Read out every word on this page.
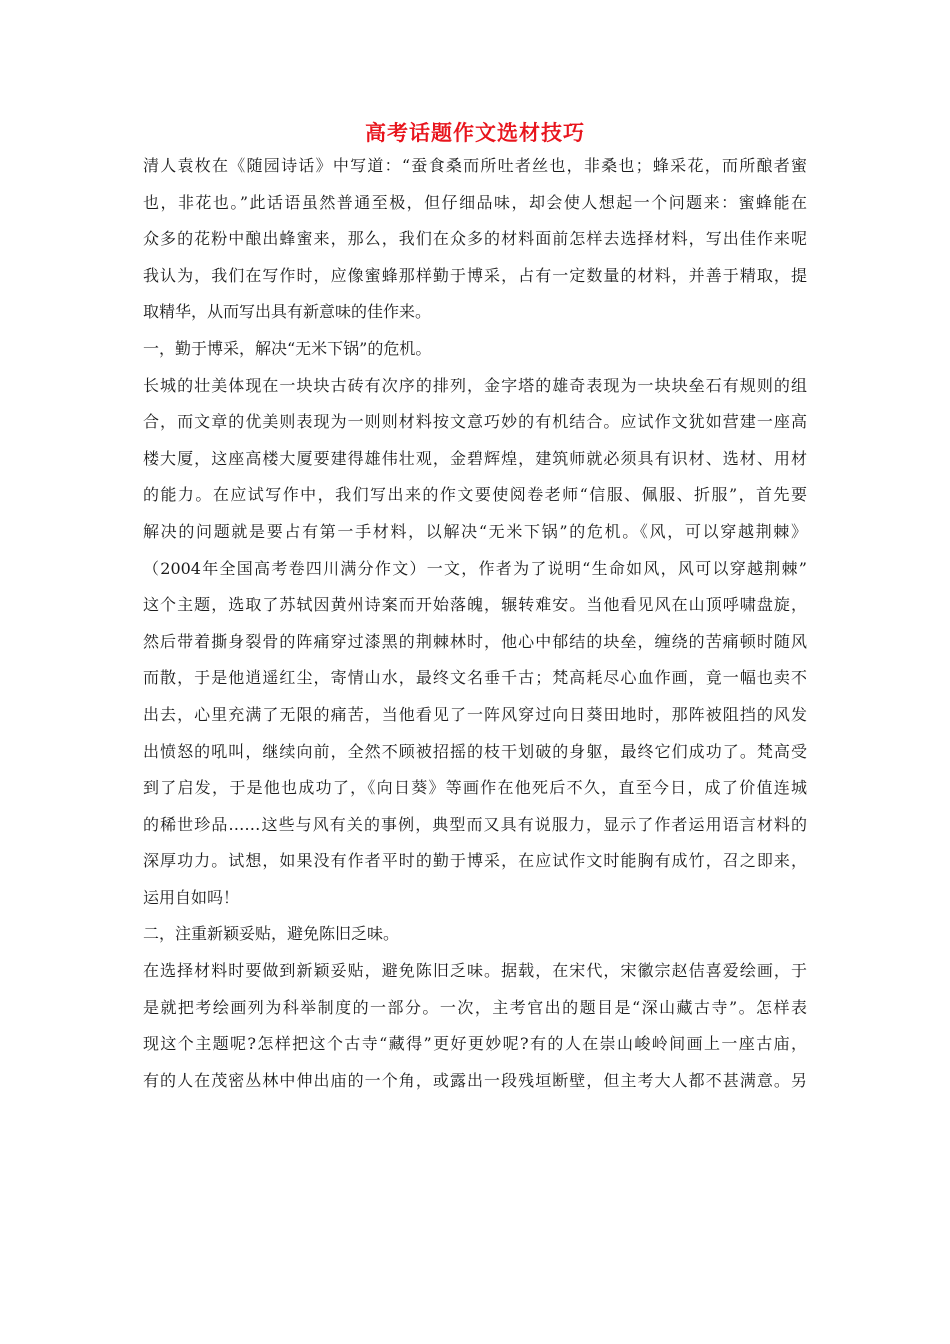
高考话题作文选材技巧
清人袁枚在《随园诗话》中写道：“蚕食桑而所吐者丝也，非桑也；蜂采花，而所酿者蜜
也，非花也。”此话语虽然普通至极，但仔细品味，却会使人想起一个问题来：蜜蜂能在
众多的花粉中酿出蜂蜜来，那么，我们在众多的材料面前怎样去选择材料，写出佳作来呢
我认为，我们在写作时，应像蜜蜂那样勤于博采，占有一定数量的材料，并善于精取，提
取精华，从而写出具有新意味的佳作来。
一，勤于博采，解决“无米下锅”的危机。
长城的壮美体现在一块块古砖有次序的排列，金字塔的雄奇表现为一块块垒石有规则的组
合，而文章的优美则表现为一则则材料按文意巧妙的有机结合。应试作文犹如营建一座高
楼大厦，这座高楼大厦要建得雄伟壮观，金碧辉煌，建筑师就必须具有识材、选材、用材
的能力。在应试写作中，我们写出来的作文要使阅卷老师“信服、佩服、折服”，首先要
解决的问题就是要占有第一手材料，以解决“无米下锅”的危机。《风，可以穿越荆棘》
（2004年全国高考卷四川满分作文）一文，作者为了说明“生命如风，风可以穿越荆棘”
这个主题，选取了苏轼因黄州诗案而开始落魄，辗转难安。当他看见风在山顶呼啸盘旋，
然后带着撕身裂骨的阵痛穿过漆黑的荆棘林时，他心中郁结的块垒，缠绕的苦痛顿时随风
而散，于是他逍遥红尘，寄情山水，最终文名垂千古；梵高耗尽心血作画，竟一幅也卖不
出去，心里充满了无限的痛苦，当他看见了一阵风穿过向日葵田地时，那阵被阻挡的风发
出愤怒的吼叫，继续向前，全然不顾被招摇的枝干划破的身躯，最终它们成功了。梵高受
到了启发，于是他也成功了，《向日葵》等画作在他死后不久，直至今日，成了价值连城
的稀世珍品……这些与风有关的事例，典型而又具有说服力，显示了作者运用语言材料的
深厚功力。试想，如果没有作者平时的勤于博采，在应试作文时能胸有成竹，召之即来，
运用自如吗！
二，注重新颖妥贴，避免陈旧乏味。
在选择材料时要做到新颖妥贴，避免陈旧乏味。据载，在宋代，宋徽宗赵佶喜爱绘画，于
是就把考绘画列为科举制度的一部分。一次，主考官出的题目是“深山藏古寺”。怎样表
现这个主题呢?怎样把这个古寺“藏得”更好更妙呢?有的人在崇山峻岭间画上一座古庙，
有的人在茂密丛林中伸出庙的一个角，或露出一段残垣断壁，但主考大人都不甚满意。另
